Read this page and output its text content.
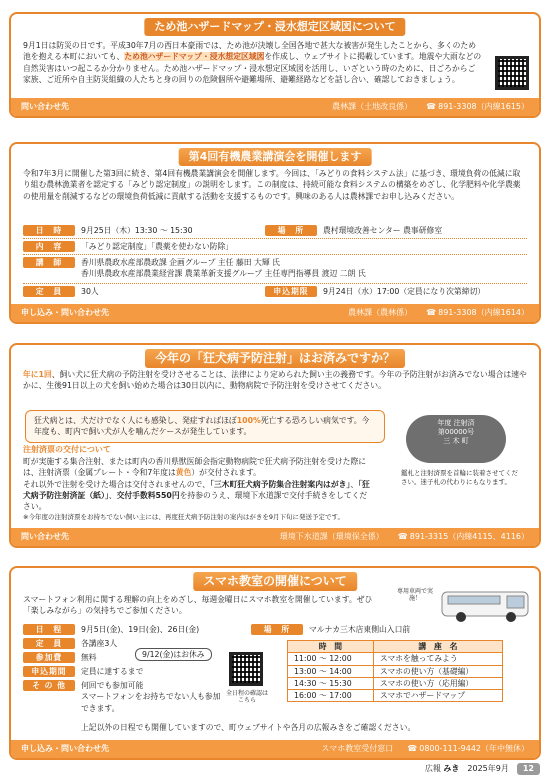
ため池ハザードマップ・浸水想定区域図について
9月1日は防災の日です。平成30年7月の西日本豪雨では、ため池が決壊し全国各地で甚大な被害が発生したことから、多くのため池を抱える本町においても、ため池ハザードマップ・浸水想定区域図を作成し、ウェブサイトに掲載しています。地震や大雨などの自然災害はいつ起こるか分かりません。ため池ハザードマップ・浸水想定区域図を活用し、いざという時のために、日ごろからご家族、ご近所や自主防災組織の人たちと身の回りの危険個所や避難場所、避難経路などを話し合い、確認しておきましょう。
問い合わせ先	農林課（土地改良係） ☎ 891-3308（内線1615）
第4回有機農業講演会を開催します
令和7年3月に開催した第3回に続き、第4回有機農業講演会を開催します。今回は、「みどりの食料システム法」に基づき、環境負荷の低減に取り組む農林漁業者を認定する「みどり認定制度」の説明をします。この制度は、持続可能な食料システムの構築をめざし、化学肥料や化学農薬の使用量を削減するなどの環境負荷低減に貢献する活動を支援するものです。興味のある人は農林課でお申し込みください。
日　時	9月25日（木）13:30 ～ 15:30	場　所	農村環境改善センター 農事研修室
内　容	「みどり認定制度」「農薬を使わない防除」
講　師	香川県農政水産部農政課 企画グループ 主任 藤田 大輝 氏
香川県農政水産部農業経営課 農業革新支援グループ 主任専門指導員 渡辺 二朗 氏
定　員	30人	申込期限	9月24日（水）17:00（定員になり次第締切）
申し込み・問い合わせ先	農林課（農林係） ☎ 891-3308（内線1614）
今年の「狂犬病予防注射」はお済みですか？
年に1回、飼い犬に狂犬病の予防注射を受けさせることは、法律により定められた飼い主の義務です。今年の予防注射がお済みでない場合は速やかに、生後91日以上の犬を飼い始めた場合は30日以内に、動物病院で予防注射を受けさせてください。
狂犬病とは、犬だけでなく人にも感染し、発症すればほぼ100%死亡する恐ろしい病気です。今年度も、町内で飼い犬が人を噛んだケースが発生しています。
注射済票の交付について
町が実施する集合注射、または町内の香川県獣医師会指定動物病院で狂犬病予防注射を受けた際には、注射済票（金属プレート・令和7年度は黄色）が交付されます。
それ以外で注射を受けた場合は交付されませんので、「三木町狂犬病予防集合注射案内はがき」、「狂犬病予防注射済証（紙）」、交付手数料550円を持参のうえ、環境下水道課で交付手続きをしてください。
年度 注射済
第00000号
三 木 町
鑑札と注射済票を首輪に装着させてください。迷子札の代わりにもなります。
※今年度の注射済票をお持ちでない飼い主には、再度狂犬病予防注射の案内はがきを9月下旬に発送予定です。
問い合わせ先	環境下水道課（環境保全係） ☎ 891-3315（内線4115、4116）
スマホ教室の開催について
スマートフォン利用に関する理解の向上をめざし、毎週金曜日にスマホ教室を開催しています。ぜひ「楽しみながら」の気持ちでご参加ください。
専用車両で実施！
日　程	9月5日(金)、19日(金)、26日(金)	場　所	マルナカ三木店東側山入口前
定　員	各講座3人
9/12(金)はお休み
参加費	無料
申込期間	定員に達するまで
そ の 他	何回でも参加可能
スマートフォンをお持ちでない人も参加できます。
全日程の確認はこちら
時　間	講　座　名
11:00 ～ 12:00	スマホを触ってみよう
13:00 ～ 14:00	スマホの使い方（基礎編）
14:30 ～ 15:30	スマホの使い方（応用編）
16:00 ～ 17:00	スマホでハザードマップ
上記以外の日程でも開催していますので、町ウェブサイトや各月の広報みきをご確認ください。
申し込み・問い合わせ先	スマホ教室受付窓口 ☎ 0800-111-9442（年中無休）
広報 みき 2025年9月	12
